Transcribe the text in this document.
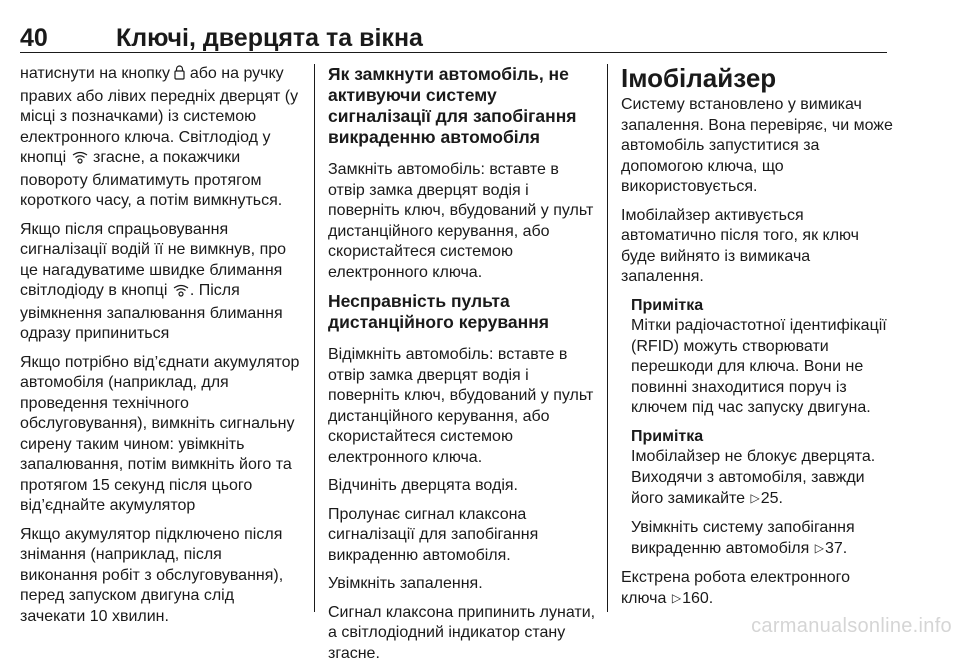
40	Ключі, дверцята та вікна

натиснути на кнопку  або на ручку правих або лівих передніх дверцят (у місці з позначками) із системою електронного ключа. Світлодіод у кнопці  згасне, а покажчики повороту блиматимуть протягом короткого часу, а потім вимкнуться.

Якщо після спрацьовування сигналізації водій її не вимкнув, про це нагадуватиме швидке блимання світлодіоду в кнопці . Після увімкнення запалювання блимання одразу припиниться

Якщо потрібно від’єднати акумулятор автомобіля (наприклад, для проведення технічного обслуговування), вимкніть сигнальну сирену таким чином: увімкніть запалювання, потім вимкніть його та протягом 15 секунд після цього від’єднайте акумулятор

Якщо акумулятор підключено після знімання (наприклад, після виконання робіт з обслуговування), перед запуском двигуна слід зачекати 10 хвилин.

Як замкнути автомобіль, не активуючи систему сигналізації для запобігання викраденню автомобіля

Замкніть автомобіль: вставте в отвір замка дверцят водія і поверніть ключ, вбудований у пульт дистанційного керування, або скористайтеся системою електронного ключа.

Несправність пульта дистанційного керування

Відімкніть автомобіль: вставте в отвір замка дверцят водія і поверніть ключ, вбудований у пульт дистанційного керування, або скористайтеся системою електронного ключа.

Відчиніть дверцята водія.

Пролунає сигнал клаксона сигналізації для запобігання викраденню автомобіля.

Увімкніть запалення.

Сигнал клаксона припинить лунати, а світлодіодний індикатор стану згасне.

Імобілайзер

Систему встановлено у вимикач запалення. Вона перевіряє, чи може автомобіль запуститися за допомогою ключа, що використовується.

Імобілайзер активується автоматично після того, як ключ буде вийнято із вимикача запалення.

Примітка

Мітки радіочастотної ідентифікації (RFID) можуть створювати перешкоди для ключа. Вони не повинні знаходитися поруч із ключем під час запуску двигуна.

Примітка

Імобілайзер не блокує дверцята. Виходячи з автомобіля, завжди його замикайте ▷25.

Увімкніть систему запобігання викраденню автомобіля ▷37.

Екстрена робота електронного ключа ▷160.

carmanualsonline.info
